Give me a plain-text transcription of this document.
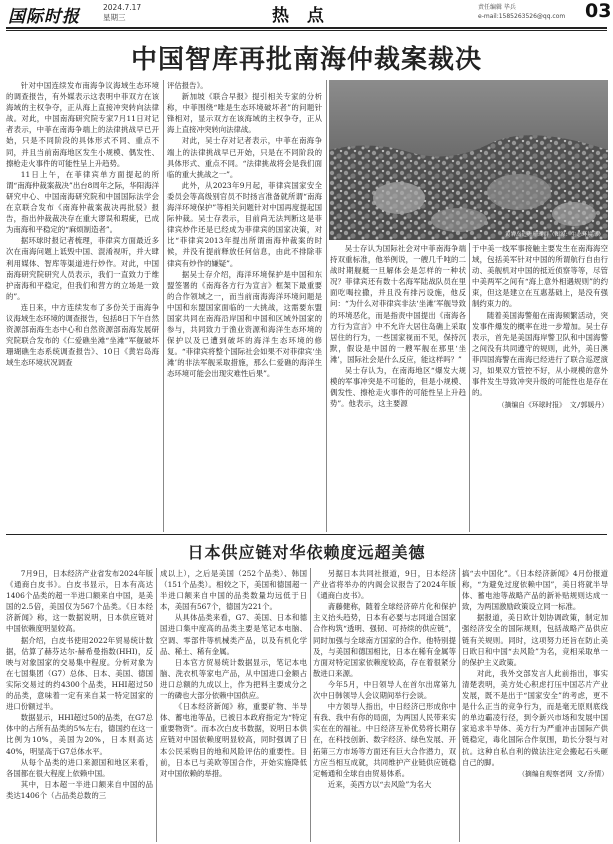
国际时报	2024.7.17
星期三	热 点	责任编辑 毕兵
e-mail:1585263526@qq.com	03
中国智库再批南海仲裁案裁决

针对中国连续发布南海争议海域生态环境的调查报告，有外媒表示这表明中菲双方在该海域的主权争夺，正从海上直接冲突转向法律战。对此，中国南海研究院专家7月11日对记者表示，中菲在南海争端上的法律挑战早已开始，只是不同阶段的具体形式不同、重点不同，并且当前南海地区发生小规模、偶发性、擦枪走火事件的可能性呈上升趋势。

11日上午，在菲律宾单方面提起的所谓“南海仲裁案裁决”出台8周年之际，华阳海洋研究中心、中国南海研究院和中国国际法学会在京联合发布《南海仲裁案裁决再批驳》报告，指出仲裁裁决存在重大谬误和瑕疵，已成为南海和平稳定的“麻烦制造者”。

据环球时报记者梳理，菲律宾方面最近多次在南海问题上诋毁中国、混淆视听，并大肆利用媒体、智库等渠道进行炒作。对此，中国南海研究院研究人员表示，我们一直致力于维护南海和平稳定，但我们和营方的立场是一致的”。

连日来，中方连续发布了多份关于南海争议海域生态环境的调查报告，包括8日下午自然资源部南海生态中心和自然资源部南海发展研究院联合发布的《仁爱礁坐滩“坐滩”军舰破坏珊瑚礁生态系统调查报告》、10日《黄岩岛海域生态环境状况调查

评估报告》。

新加坡《联合早报》提引相关专家的分析称，中菲围绕“唯是生态环境破坏者”的问题针锋相对，显示双方在该海域的主权争夺，正从海上直接冲突转向法律战。

对此，吴士存对记者表示，中菲在南海争端上的法律挑战早已开始，只是在不同阶段的具体形式、重点不同。“法律挑战将会是我们面临的重大挑战之一”。

此外，从2023年9月起，菲律宾国家安全委员会等高级别官员不时扬言准备就所谓“南海海洋环境保护”等相关问题针对中国再度提起国际仲裁。吴士存表示，目前尚无法判断这是菲律宾炒作还是已经成为菲律宾的国家决策，对比“菲律宾2013年提出所谓南海仲裁案的时候，并没有提前释放任何信息，由此不排除菲律宾有炒作的嫌疑”。

据吴士存介绍，海洋环境保护是中国和东盟签署的《南海各方行为宣言》框架下最重要的合作领域之一，而当前南海海洋环境问题是中国和东盟国家面临的一大挑战，这需要东盟国家共同在南海沿岸国和中国和区域外国家的参与，共同致力于渔业资源和海洋生态环境的保护以及已遭到破坏的海洋生态环境的修复。“菲律宾将整个国际社会如果不对菲律宾‘坐滩’的非法军舰采取措施，那么仁爱礁的海洋生态环境可能会出现灾难性后果”。

黄岩岛造礁珊瑚群（图源：生态环境部）

吴士存认为国际社会对中菲南海争端持双重标准，他举例说，一艘几千吨的二战时期舰艇一旦解体会是怎样的一种状况？菲律宾还有数十名海军陆战队员在里面吃喝拉撒，并且没有排污设施，他反问：“为什么对菲律宾非法‘坐滩’军舰导致的环境恶化，而是指责中国提出《南海各方行为宣言》中不允许大居住岛礁上采取居住的行为，一些国家视而不见，保持沉默，假设是中国的一艘军舰在那里‘坐滩’，国际社会是什么反应，能这样吗？”

吴士存认为，在南海地区“爆发大规模的军事冲突是不可能的，但是小规模、偶发性、擦枪走火事件的可能性呈上升趋势”。他表示，这主要源

于中美一线军事接触主要发生在南海海空域，包括美军针对中国的所谓航行自由行动、美舰机对中国的抵近侦察等等，尽管中美两军之间有“海上意外相遇规则”的约束，但这是建立在互惠基础上，是没有强制约束力的。

随着美国海警船在南海频繁活动，突发事件爆发的概率在进一步增加。吴士存表示，首先是美国海岸警卫队和中国海警之间没有共同遵守的规则，此外，美日澳菲四国海警在南海已经进行了联合巡逻演习，如果双方管控不好，从小规模的意外事件发生导致冲突升级的可能性也是存在的。

（摘编自《环球时报》 文/郭媛丹）

日本供应链对华依赖度远超美德

7月9日，日本经济产业省发布2024年版《通商白皮书》。白皮书显示，日本有高达1406个品类的超一半进口额来自中国，是美国的2.5倍，美国仅为567个品类。《日本经济新闻》称，这一数据说明，日本供应链对中国依赖度明显较高。

据介绍，白皮书使用2022年贸易统计数据，估算了赫芬达尔-赫希曼指数(HHI)，反映与对象国家的交易集中程度。分析对象为在七国集团（G7）总体、日本、美国、德国实际交易过的约4300个品类，HHI超过50的品类，意味着一定有来自某一特定国家的进口份额过半。

数据显示，HHI超过50的品类，在G7总体中的占所有品类的5%左右，德国约在这一比例为10%，美国为20%，日本则高达40%，明显高于G7总体水平。

从每个品类的进口来源国和地区来看，各国都在很大程度上依赖中国。

其中，日本超一半进口额来自中国的品类达1406个（占品类总数的三

成以上），之后是美国（252个品类）、韩国（151个品类）。相较之下，美国和德国超一半进口额来自中国的品类数量均远低于日本，美国有567个，德国为221个。

从具体品类来看，G7、美国、日本和德国进口集中度高的品类主要是笔记本电脑、空调、零部件等机械类产品，以及有机化学品、稀土、稀有金属。

日本官方贸易统计数据显示，笔记本电脑、洗衣机等家电产品，从中国进口金额占进口总额的九成以上，作为把料主要成分之一的磷也大部分依赖中国供应。

《日本经济新闻》称，重要矿物、半导体、蓄电池等品，已被日本政府指定为“特定重要物资”。而本次白皮书数据，说明日本供应链对中国依赖度明显较高，同时强调了日本公民采购目的地和风险评估的重要性。目前，日本已与美欧等国合作，开始实施降低对中国依赖的举措。

另据日本共同社报道，9日，日本经济产业省将举办的内阁会议报告了2024年版《通商白皮书》。

斋藤健称，随着全球经济碎片化和保护主义抬头趋势，日本有必要与志同道合国家合作构筑“透明、强韧、可持续的供应链”，同时加强与全球南方国家的合作。他特别提及，与美国和德国相比，日本在稀有金属等方面对特定国家依赖度较高，存在着很紧分散进口来源。

今年5月，中日领导人在首尔出席第九次中日韩领导人会议期间举行会谈。

中方领导人指出，中日经济已形成你中有我、我中有你的局面，为两国人民带来实实在在的福祉。中日经济互补优势将长期存在，在科技创新、数字经济、绿色发展、开拓第三方市场等方面还有巨大合作潜力，双方应当相互成就，共同维护产业链供应链稳定畅通和全球自由贸易体系。

近来，美西方以“去风险”为名大

搞“去中国化”。《日本经济新闻》4月份报道称，“为避免过度依赖中国”，美日将就半导体、蓄电池等战略产品的新补贴规则达成一致，为两国激励政策设立同一标准。

据报道，美日欧计划协调政策，制定加强经济安全的国际规则，包括战略产品供应链有关规则。同时，这项努力还旨在防止美日欧日和中国“去风险”为名，竞相采取单一的保护主义政策。

对此，我外交部发言人此前指出，事实清楚表明，美方处心积虑打压中国芯片产业发展，既不是出于“国家安全”的考虑，更不是什么正当的竞争行为，而是毫无原则底线的单边霸凌行径，到令新兴市场和发展中国家追求半导体、美方行为严重冲击国际产供链稳定，毒化国际合作氛围，助长分裂与对抗。这种自私自利的做法注定会搬起石头砸自己的脚。

（摘编自观察者网 文/乔情）
